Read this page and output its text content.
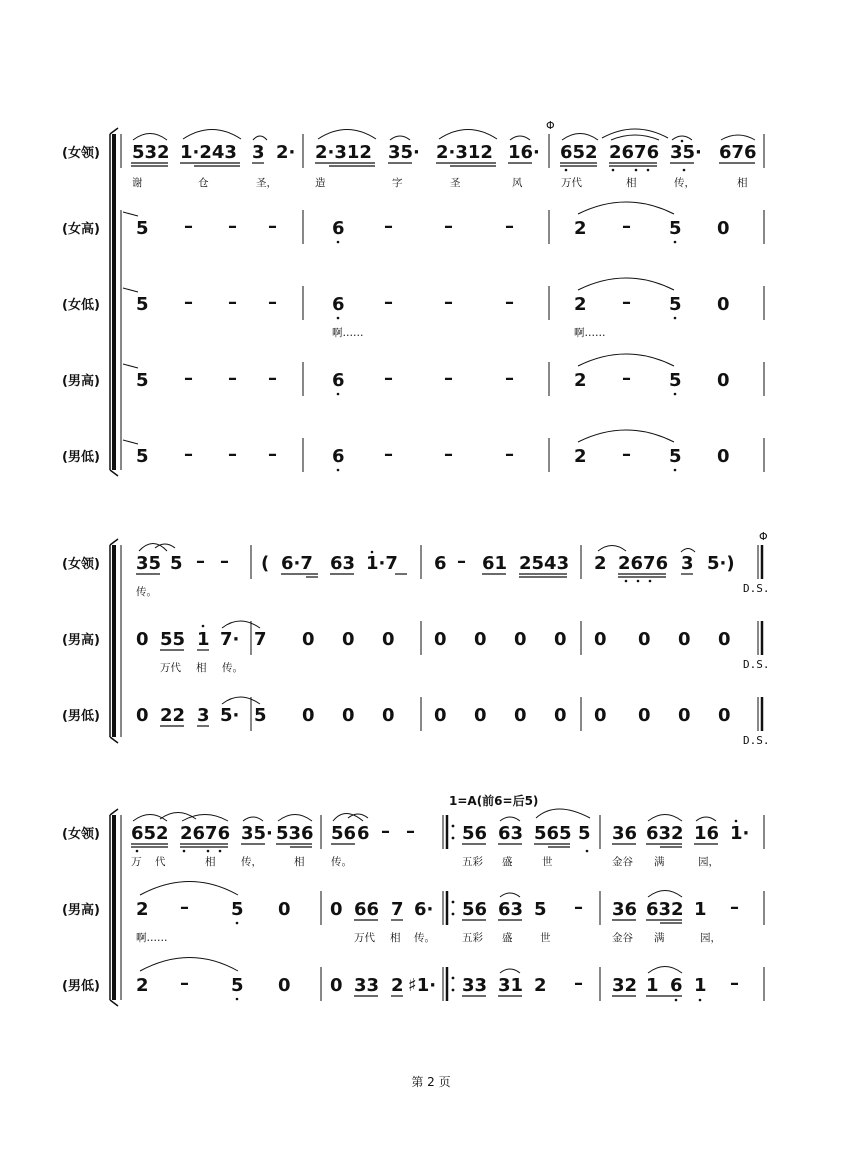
(女领)
(女高)
(女低)
(男高)
(男低)
532 1·243 3 2· 2·312 35· 2·312 16·
Φ
652 2676 35· 676
谢	仓	圣，	造	字	圣	风	万代	相	传，	相
5 – – –	6 –	–	–	2 – 5 0
5 – – –	6 –	–	–	2 – 5 0
啊……	啊……
5 – – –	6 –	–	–	2 – 5 0
5 – – –	6 –	–	–	2 – 5 0
(女领)
(男高)
(男低)
35 5 – – ( 6·7 63 1·7 6 – 61 2543 2 2676 3 5·)
Φ
D.S.
传。
0 55 1 7· 7 0 0 0 0 0 0 0 0 0 0 0
D.S.
万代 相 传。
0 22 3 5· 5 0 0 0 0 0 0 0 0 0 0 0
D.S.
(女领)
(男高)
(男低)
1=A(前6=后5)
652 2676 35· 536 56 6 – –	56 63 565 5 36 632 16 1·
万 代	相 传，	相	传。	五彩 盛	世	金谷 满	园，
2 – 5 0 0 66 7 6· 56 63 5 – 36 632 1 –
啊……	万代 相 传。	五彩 盛	世	金谷 满	园，
2 – 5 0 0 33 2 ♯1· 33 31 2 – 32 1 6 1 –
第 2 页
